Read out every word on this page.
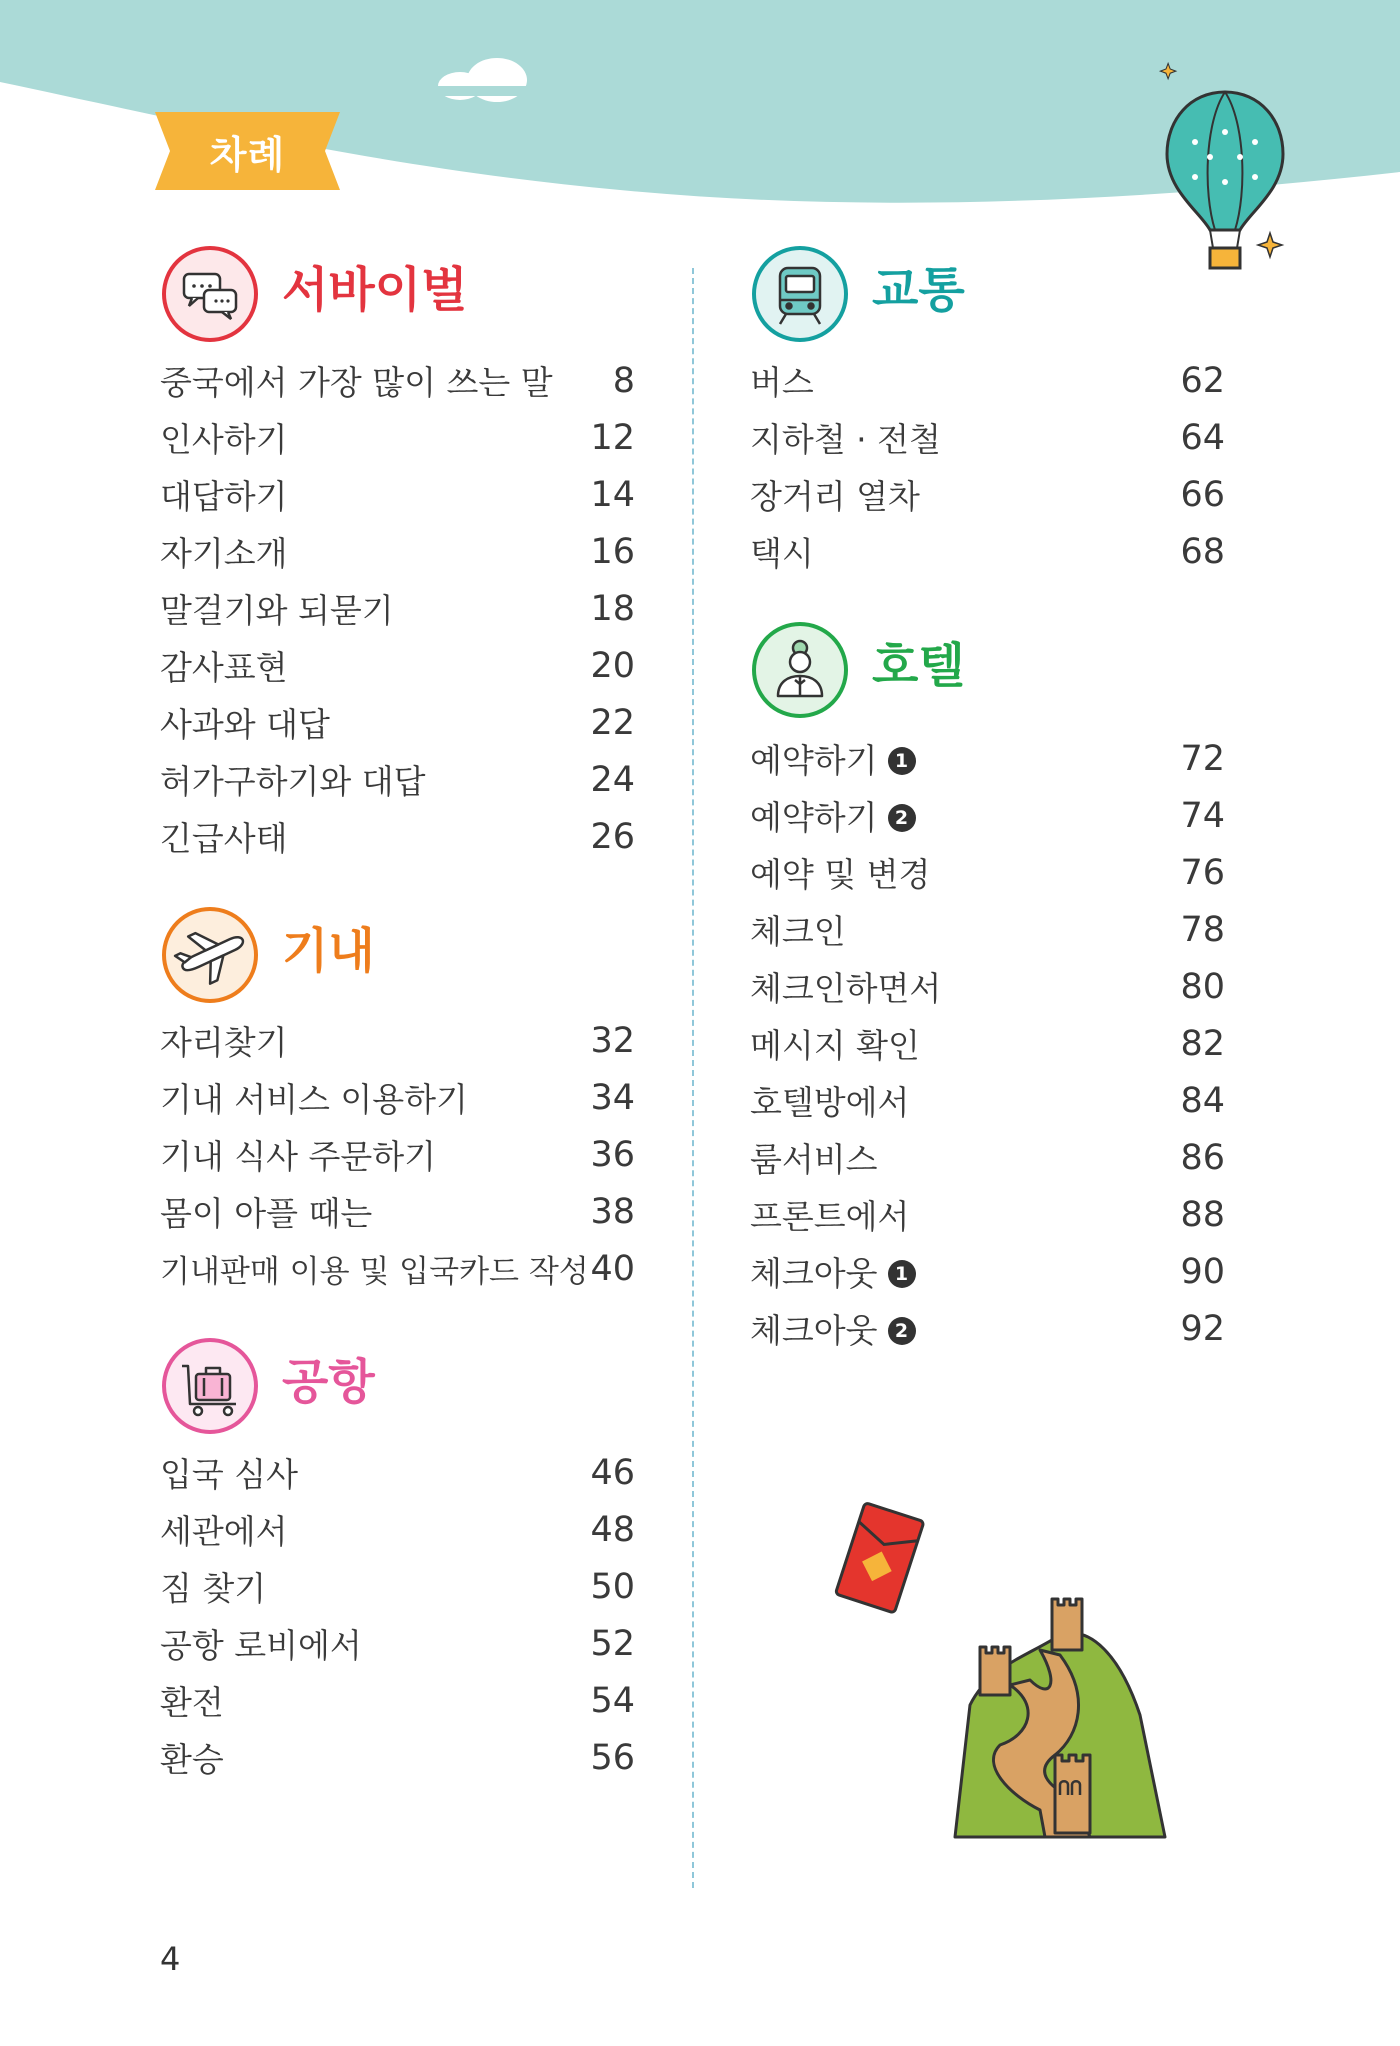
차례
서바이벌
중국에서 가장 많이 쓰는 말 8
인사하기	12
대답하기	14
자기소개	16
말걸기와 되묻기	18
감사표현	20
사과와 대답	22
허가구하기와 대답	24
긴급사태	26
기내
자리찾기	32
기내 서비스 이용하기	34
기내 식사 주문하기	36
몸이 아플 때는	38
기내판매 이용 및 입국카드 작성 40
공항
입국 심사	46
세관에서	48
짐 찾기	50
공항 로비에서	52
환전	54
환승	56
교통
버스	62
지하철 · 전철	64
장거리 열차	66
택시	68
호텔
예약하기 1	72
예약하기 2	74
예약 및 변경	76
체크인	78
체크인하면서	80
메시지 확인	82
호텔방에서	84
룸서비스	86
프론트에서	88
체크아웃 1	90
체크아웃 2	92
4
